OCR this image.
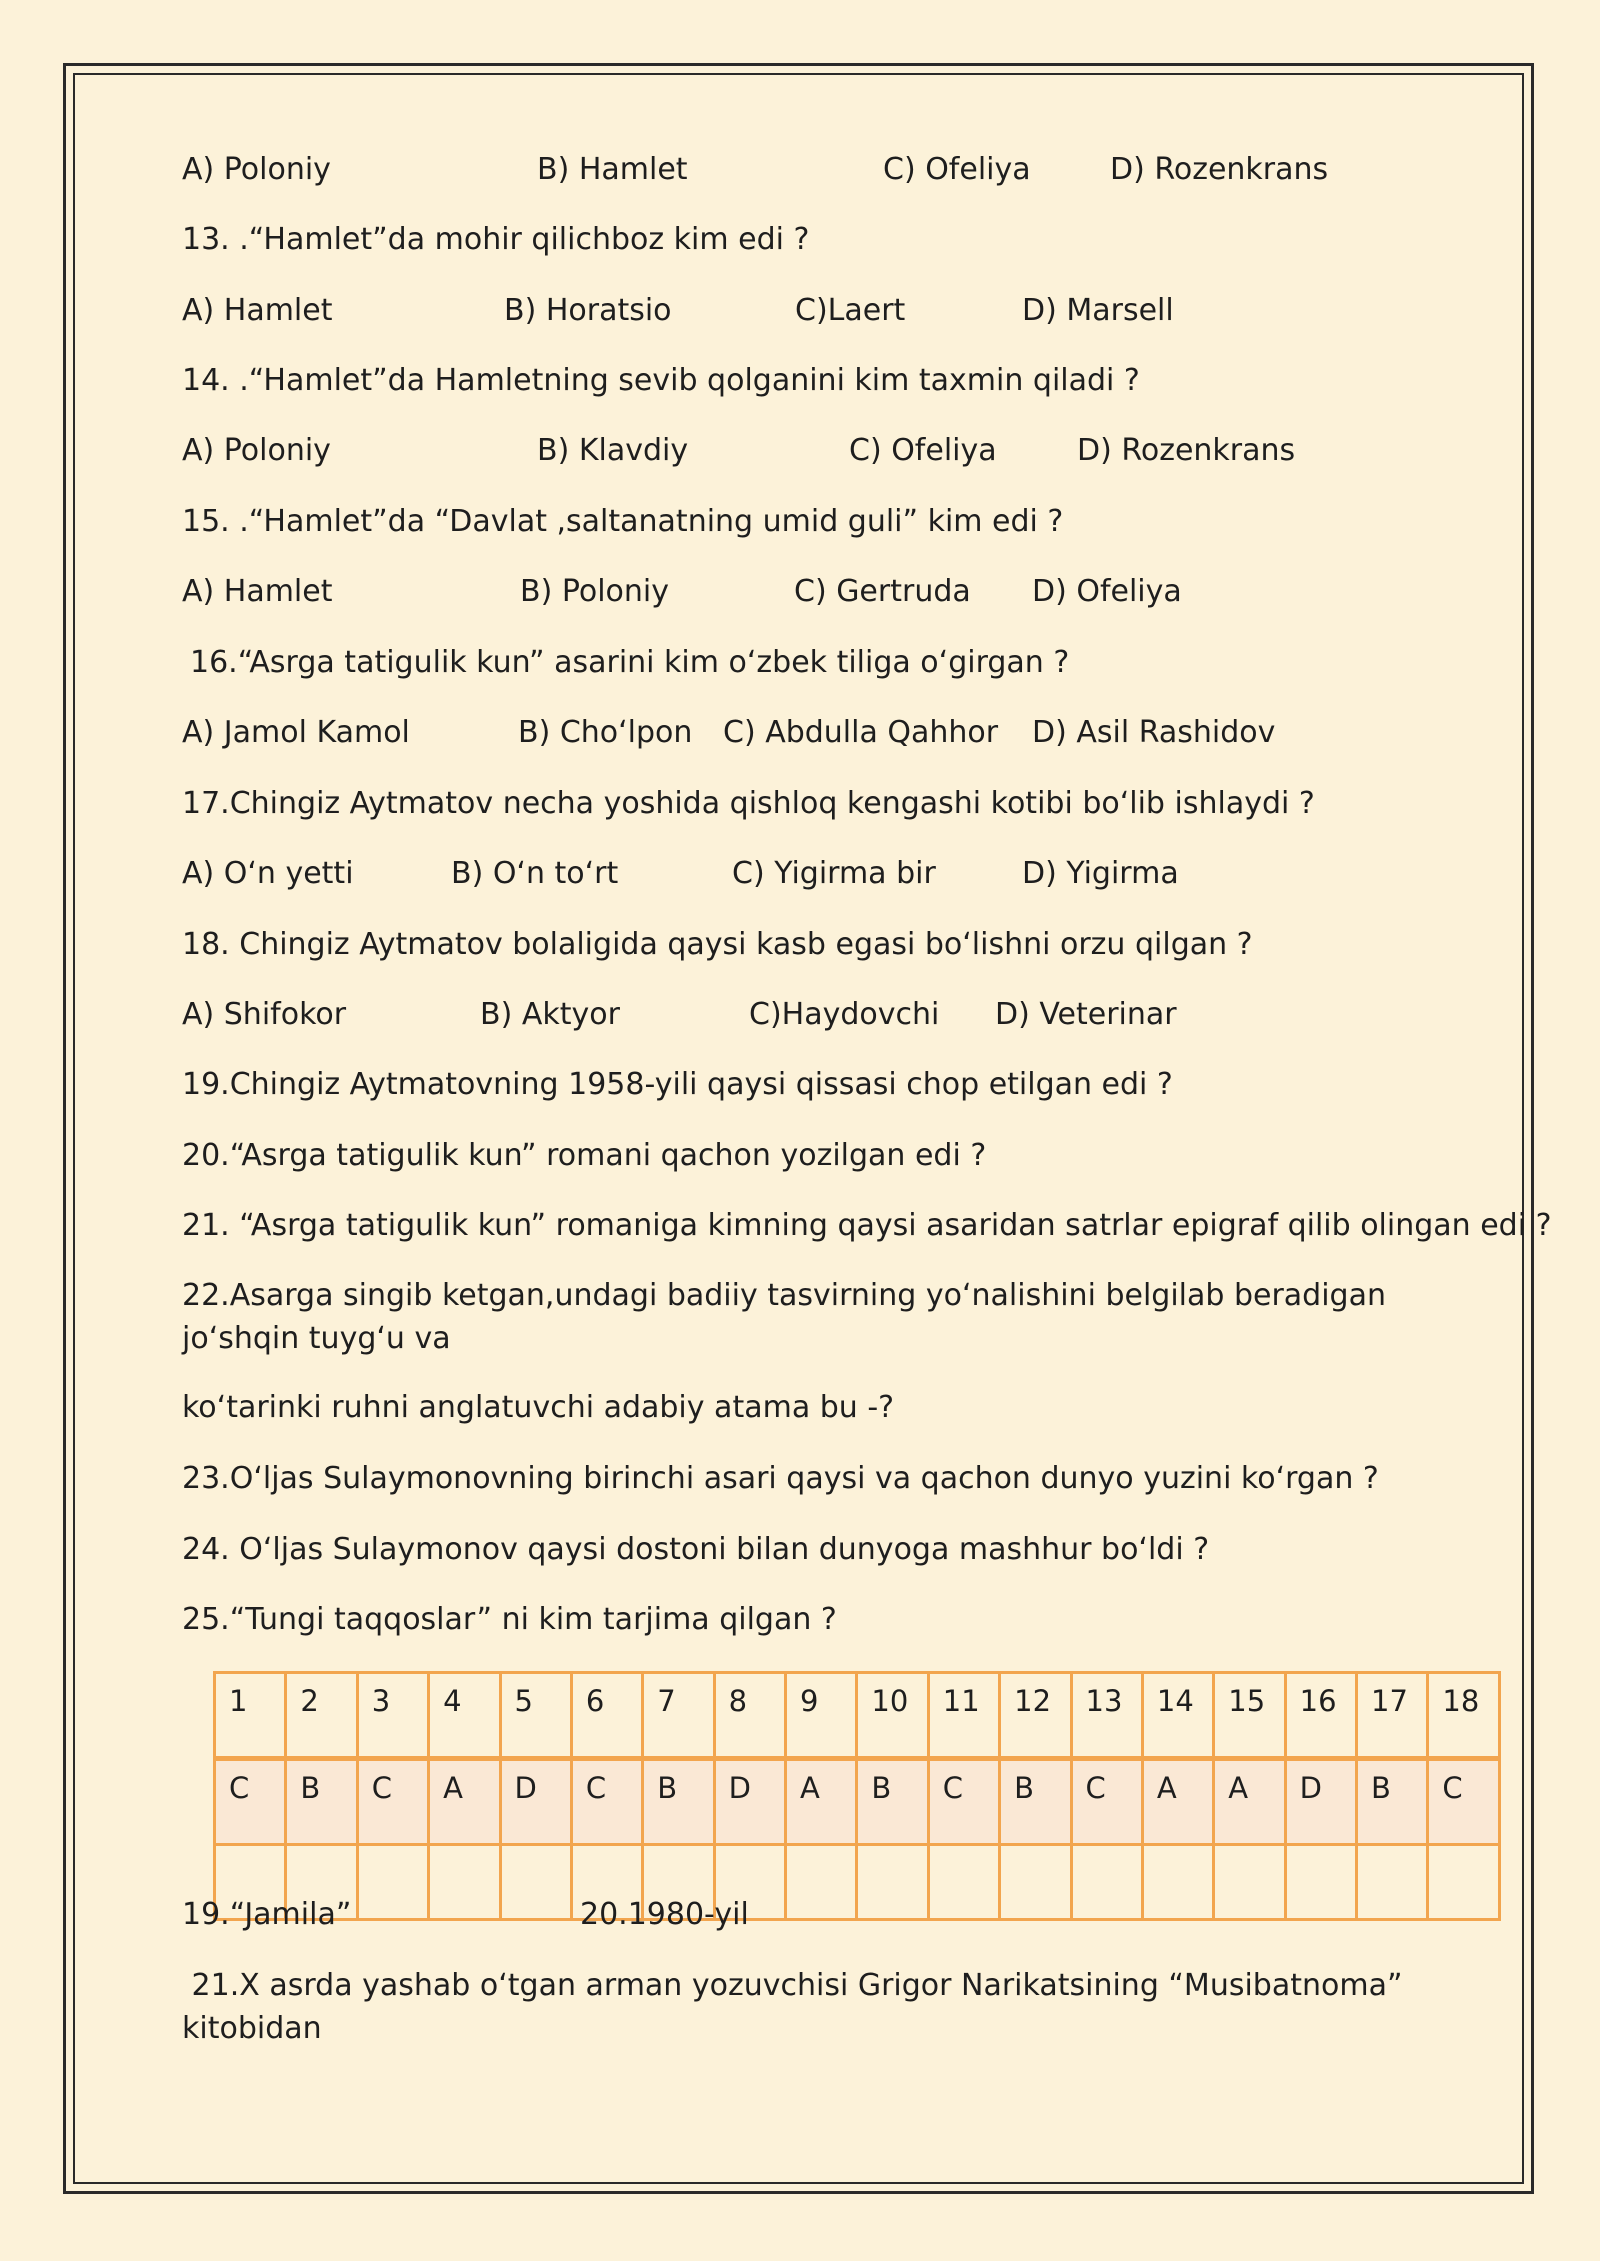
A) Poloniy	B) Hamlet	C) Ofeliya	D) Rozenkrans
13. .“Hamlet”da mohir qilichboz kim edi ?
A) Hamlet	B) Horatsio	C)Laert	D) Marsell
14. .“Hamlet”da Hamletning sevib qolganini kim taxmin qiladi ?
A) Poloniy	B) Klavdiy	C) Ofeliya	D) Rozenkrans
15. .“Hamlet”da “Davlat ,saltanatning umid guli” kim edi ?
A) Hamlet	B) Poloniy	C) Gertruda D) Ofeliya
16.“Asrga tatigulik kun” asarini kim o‘zbek tiliga o‘girgan ?
A) Jamol Kamol	B) Cho‘lpon C) Abdulla Qahhor D) Asil Rashidov
17.Chingiz Aytmatov necha yoshida qishloq kengashi kotibi bo‘lib ishlaydi ?
A) O‘n yetti	B) O‘n to‘rt	C) Yigirma bir	D) Yigirma
18. Chingiz Aytmatov bolaligida qaysi kasb egasi bo‘lishni orzu qilgan ?
A) Shifokor	B) Aktyor	C)Haydovchi D) Veterinar
19.Chingiz Aytmatovning 1958-yili qaysi qissasi chop etilgan edi ?
20.“Asrga tatigulik kun” romani qachon yozilgan edi ?
21. “Asrga tatigulik kun” romaniga kimning qaysi asaridan satrlar epigraf qilib olingan edi ?
22.Asarga singib ketgan,undagi badiiy tasvirning yo‘nalishini belgilab beradigan jo‘shqin tuyg‘u va
ko‘tarinki ruhni anglatuvchi adabiy atama bu -?
23.O‘ljas Sulaymonovning birinchi asari qaysi va qachon dunyo yuzini ko‘rgan ?
24. O‘ljas Sulaymonov qaysi dostoni bilan dunyoga mashhur bo‘ldi ?
25.“Tungi taqqoslar” ni kim tarjima qilgan ?
1	2	3	4	5	6	7	8	9	10	11	12	13	14	15	16	17	18
C	B	C	A	D	C	B	D	A	B	C	B	C	A	A	D	B	C

19.“Jamila”	20.1980-yil
21.X asrda yashab o‘tgan arman yozuvchisi Grigor Narikatsining “Musibatnoma” kitobidan
